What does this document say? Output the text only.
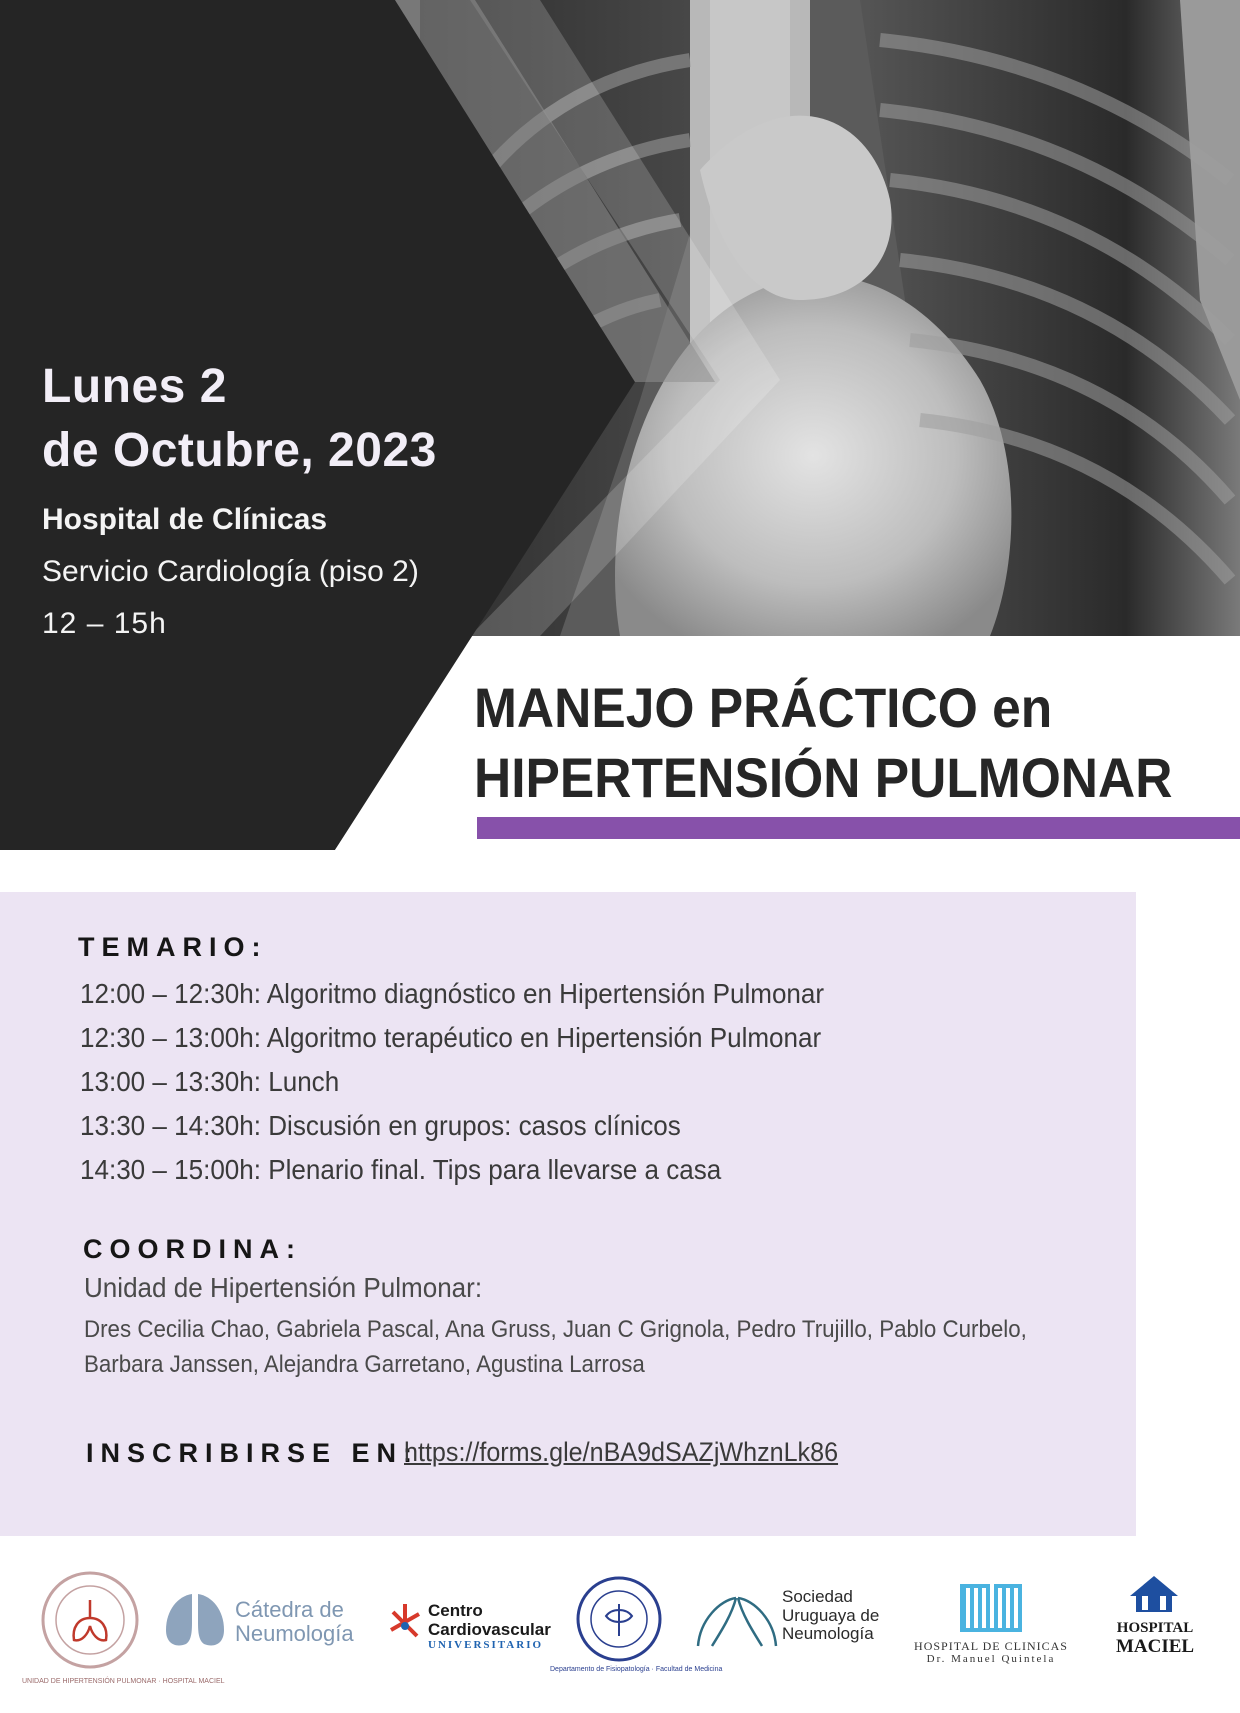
Lunes 2
de Octubre, 2023
Hospital de Clínicas
Servicio Cardiología (piso 2)
12 – 15h
MANEJO PRÁCTICO en
HIPERTENSIÓN PULMONAR
TEMARIO:
12:00 – 12:30h: Algoritmo diagnóstico en Hipertensión Pulmonar
12:30 – 13:00h: Algoritmo terapéutico en Hipertensión Pulmonar
13:00 – 13:30h: Lunch
13:30 – 14:30h: Discusión en grupos: casos clínicos
14:30 – 15:00h: Plenario final. Tips para llevarse a casa
COORDINA:
Unidad de Hipertensión Pulmonar:
Dres Cecilia Chao, Gabriela Pascal, Ana Gruss, Juan C Grignola, Pedro Trujillo, Pablo Curbelo,
Barbara Janssen, Alejandra Garretano, Agustina Larrosa
INSCRIBIRSE EN:
https://forms.gle/nBA9dSAZjWhznLk86
UNIDAD DE HIPERTENSIÓN PULMONAR · HOSPITAL MACIEL
Cátedra de
Neumología
Centro
Cardiovascular
UNIVERSITARIO
Departamento de Fisiopatología · Facultad de Medicina
Sociedad
Uruguaya de
Neumología
HOSPITAL DE CLINICAS
Dr. Manuel Quintela
HOSPITAL
MACIEL
